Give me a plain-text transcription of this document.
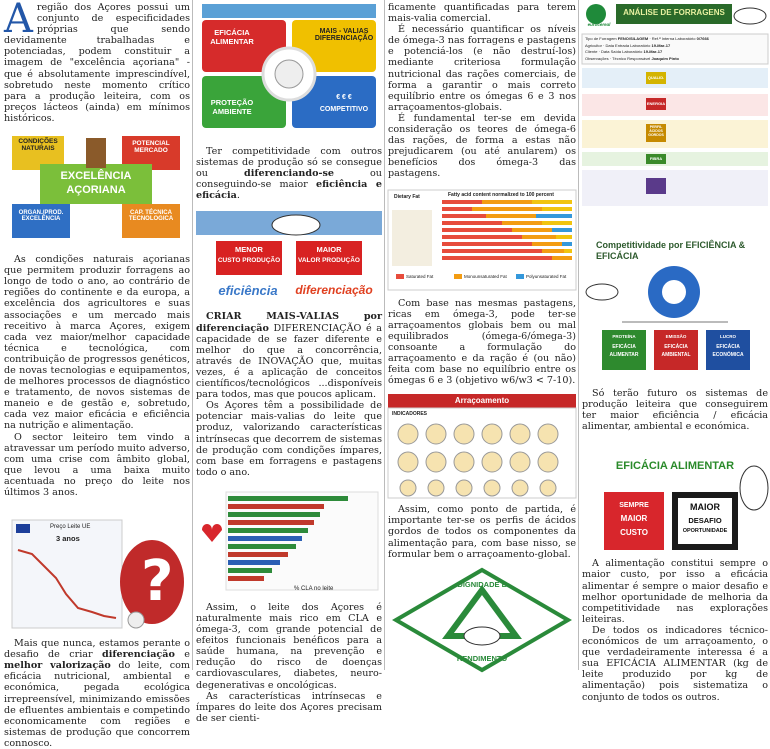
Aregião dos Açores possui um conjunto de especificidades próprias que sendo devidamente trabalhadas e potenciadas, podem constituir a imagem de "excelência açoriana" - que é absolutamente imprescindível, sobretudo neste momento crítico para a produção leiteira, com os preços lácteos (ainda) em mínimos históricos.

CONDIÇÕES NATURAIS
POTENCIAL MERCADO
EXCELÊNCIA
AÇORIANA
ORGAN./PROD. EXCELÊNCIA
CAP. TÉCNICA TECNOLOGICA

As condições naturais açorianas que permitem produzir forragens ao longo de todo o ano, ao contrário de regiões do continente e da europa, a excelência dos agricultores e suas associações e um mercado mais receitivo à marca Açores, exigem cada vez maior/melhor capacidade técnica e tecnológica, com contribuição de progressos genéticos, de novas tecnologias e equipamentos, de melhores processos de diagnóstico e tratamento, de novos sistemas de maneio e de gestão e, sobretudo, cada vez maior eficácia e eficiência na nutrição e alimentação.

O sector leiteiro tem vindo a atravessar um período muito adverso, com uma crise com âmbito global, que levou a uma baixa muito acentuada no preço do leite nos últimos 3 anos.

?
Preço Leite UE
3 anos

Mais que nunca, estamos perante o desafio de criar diferenciação e melhor valorização do leite, com eficácia nutricional, ambiental e económica, pegada ecológica irrepreensível, minimizando emissões de efluentes ambientais e competindo economicamente com regiões e sistemas de produção que concorrem connosco.

EFICÁCIA ALIMENTAR
MAIS - VALIAS DIFERENCIAÇÃO
PROTEÇÃO AMBIENTE
€ € €
COMPETITIVO

Ter competitividade com outros sistemas de produção só se consegue ou diferenciando-se ou conseguindo-se maior eficiência e eficácia.

MENOR
CUSTO PRODUÇÃO
MAIOR
VALOR PRODUÇÃO
eficiência	diferenciação

CRIAR MAIS-VALIAS por diferenciação DIFERENCIAÇÃO é a capacidade de se fazer diferente e melhor do que a concorrência, através de INOVAÇÃO que, muitas vezes, é a aplicação de conceitos científicos/tecnológicos ...disponíveis para todos, mas que poucos aplicam.

Os Açores têm a possibilidade de potenciar mais-valias do leite que produz, valorizando características intrínsecas que decorrem de sistemas de produção com condições ímpares, com base em forragens e pastagens todo o ano.

% CLA no leite

Assim, o leite dos Açores é naturalmente mais rico em CLA e ómega-3, com grande potencial de efeitos funcionais benéficos para a saúde humana, na prevenção e redução do risco de doenças cardiovasculares, diabetes, neuro-degenerativas e oncológicas.

As características intrínsecas e ímpares do leite dos Açores precisam de ser cienti-

ficamente quantificadas para terem mais-valia comercial.

É necessário quantificar os níveis de ómega-3 nas forragens e pastagens e potenciá-los (e não destruí-los) mediante criteriosa formulação nutricional das rações comerciais, de forma a garantir o mais correto equilíbrio entre os ómegas 6 e 3 nos arraçoamentos-globais.

É fundamental ter-se em devida consideração os teores de ómega-6 das rações, de forma a estas não prejudicarem (ou até anularem) os benefícios dos ómega-3 das pastagens.

Fatty acid content normalized to 100 percent
Dietary Fat
Saturated Fat	Monounsaturated Fat	Polyunsaturated Fat

Com base nas mesmas pastagens, ricas em ómega-3, pode ter-se arraçoamentos globais bem ou mal equilibrados (ómega-6/ómega-3) consoante a formulação do arraçoamento e da ração é (ou não) feita com base no equilíbrio entre os ómegas 6 e 3 (objetivo w6/w3 < 7-10).

Arraçoamento
INDICADORES

Assim, como ponto de partida, é importante ter-se os perfis de ácidos gordos de todos os componentes da alimentação para, com base nisso, se formular bem o arraçoamento-global.

DIGNIDADE E
RENDIMENTO
eurocereal
ANÁLISE DE FORRAGENS
Tipo de Forragem FENO/SILAGEM · Ref.ª Interna Laboratório 0/7666
Agricultor · Data Entrada Laboratório 19-Mar-17
Cliente · Data Saída Laboratório 19-Mar-17
Observações · Técnico Responsável Joaquim Pinto
QUALID.
ENERGIA
PERFIL ÁCIDOS GORDOS
FIBRA
Competitividade por EFICIÊNCIA & EFICÁCIA
PROTEÍNA
EFICÁCIA
ALIMENTAR
EMISSÃO
EFICÁCIA
AMBIENTAL
LUCRO
EFICÁCIA
ECONÓMICA

Só terão futuro os sistemas de produção leiteira que conseguirem ter maior eficiência / eficácia alimentar, ambiental e económica.

EFICÁCIA ALIMENTAR
SEMPRE
MAIOR
CUSTO
MAIOR
DESAFIO
OPORTUNIDADE

A alimentação constitui sempre o maior custo, por isso a eficácia alimentar é sempre o maior desafio e melhor oportunidade de melhoria da competitividade nas explorações leiteiras.

De todos os indicadores técnico-económicos de um arraçoamento, o que verdadeiramente interessa é a sua EFICÁCIA ALIMENTAR (kg de leite produzido por kg de alimentação) pois sistematiza o conjunto de todos os outros.
